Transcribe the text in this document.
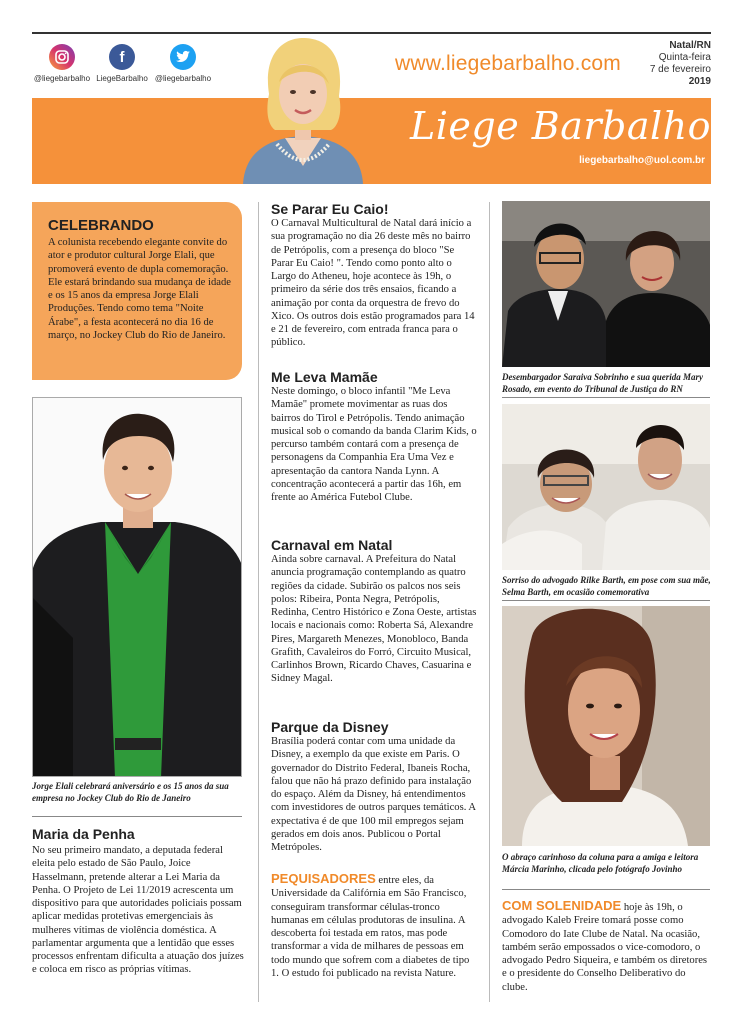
@liegebarbalho
f
LiegeBarbalho @liegebarbalho
www.liegebarbalho.com
Natal/RN
Quinta-feira
7 de fevereiro
2019
Liege Barbalho
liegebarbalho@uol.com.br
CELEBRANDO

A colunista recebendo elegante convite do ator e produtor cultural Jorge Elali, que promoverá evento de dupla comemoração. Ele estará brindando sua mudança de idade e os 15 anos da empresa Jorge Elali Produções. Tendo como tema "Noite Árabe", a festa acontecerá no dia 16 de março, no Jockey Club do Rio de Janeiro.

Jorge Elali celebrará aniversário e os 15 anos da sua empresa no Jockey Club do Rio de Janeiro
Maria da Penha
No seu primeiro mandato, a deputada federal eleita pelo estado de São Paulo, Joice Hasselmann, pretende alterar a Lei Maria da Penha. O Projeto de Lei 11/2019 acrescenta um dispositivo para que autoridades policiais possam aplicar medidas protetivas emergenciais às mulheres vítimas de violência doméstica. A parlamentar argumenta que a lentidão que esses processos enfrentam dificulta a atuação dos juízes e coloca em risco as próprias vítimas.
Se Parar Eu Caio!
O Carnaval Multicultural de Natal dará início a sua programação no dia 26 deste mês no bairro de Petrópolis, com a presença do bloco "Se Parar Eu Caio! ". Tendo como ponto alto o Largo do Atheneu, hoje acontece às 19h, o primeiro da série dos três ensaios, ficando a animação por conta da orquestra de frevo do Xico. Os outros dois estão programados para 14 e 21 de fevereiro, com entrada franca para o público.
Me Leva Mamãe
Neste domingo, o bloco infantil "Me Leva Mamãe" promete movimentar as ruas dos bairros do Tirol e Petrópolis. Tendo animação musical sob o comando da banda Clarim Kids, o percurso também contará com a presença de personagens da Companhia Era Uma Vez e apresentação da cantora Nanda Lynn. A concentração acontecerá a partir das 16h, em frente ao América Futebol Clube.
Carnaval em Natal
Ainda sobre carnaval. A Prefeitura do Natal anuncia programação contemplando as quatro regiões da cidade. Subirão os palcos nos seis polos: Ribeira, Ponta Negra, Petrópolis, Redinha, Centro Histórico e Zona Oeste, artistas locais e nacionais como: Roberta Sá, Alexandre Pires, Margareth Menezes, Monobloco, Banda Grafith, Cavaleiros do Forró, Circuito Musical, Carlinhos Brown, Ricardo Chaves, Casuarina e Sidney Magal.
Parque da Disney
Brasília poderá contar com uma unidade da Disney, a exemplo da que existe em Paris. O governador do Distrito Federal, Ibaneis Rocha, falou que não há prazo definido para instalação do espaço. Além da Disney, há entendimentos com investidores de outros parques temáticos. A expectativa é de que 100 mil empregos sejam gerados em dois anos. Publicou o Portal Metrópoles.
PEQUISADORES entre eles, da Universidade da Califórnia em São Francisco, conseguiram transformar células-tronco humanas em células produtoras de insulina. A descoberta foi testada em ratos, mas pode transformar a vida de milhares de pessoas em todo mundo que sofrem com a diabetes de tipo 1. O estudo foi publicado na revista Nature.
Desembargador Saraiva Sobrinho e sua querida Mary Rosado, em evento do Tribunal de Justiça do RN
Sorriso do advogado Rilke Barth, em pose com sua mãe, Selma Barth, em ocasião comemorativa
O abraço carinhoso da coluna para a amiga e leitora Márcia Marinho, clicada pelo fotógrafo Jovinho
COM SOLENIDADE hoje às 19h, o advogado Kaleb Freire tomará posse como Comodoro do Iate Clube de Natal. Na ocasião, também serão empossados o vice-comodoro, o advogado Pedro Siqueira, e também os diretores e o presidente do Conselho Deliberativo do clube.
